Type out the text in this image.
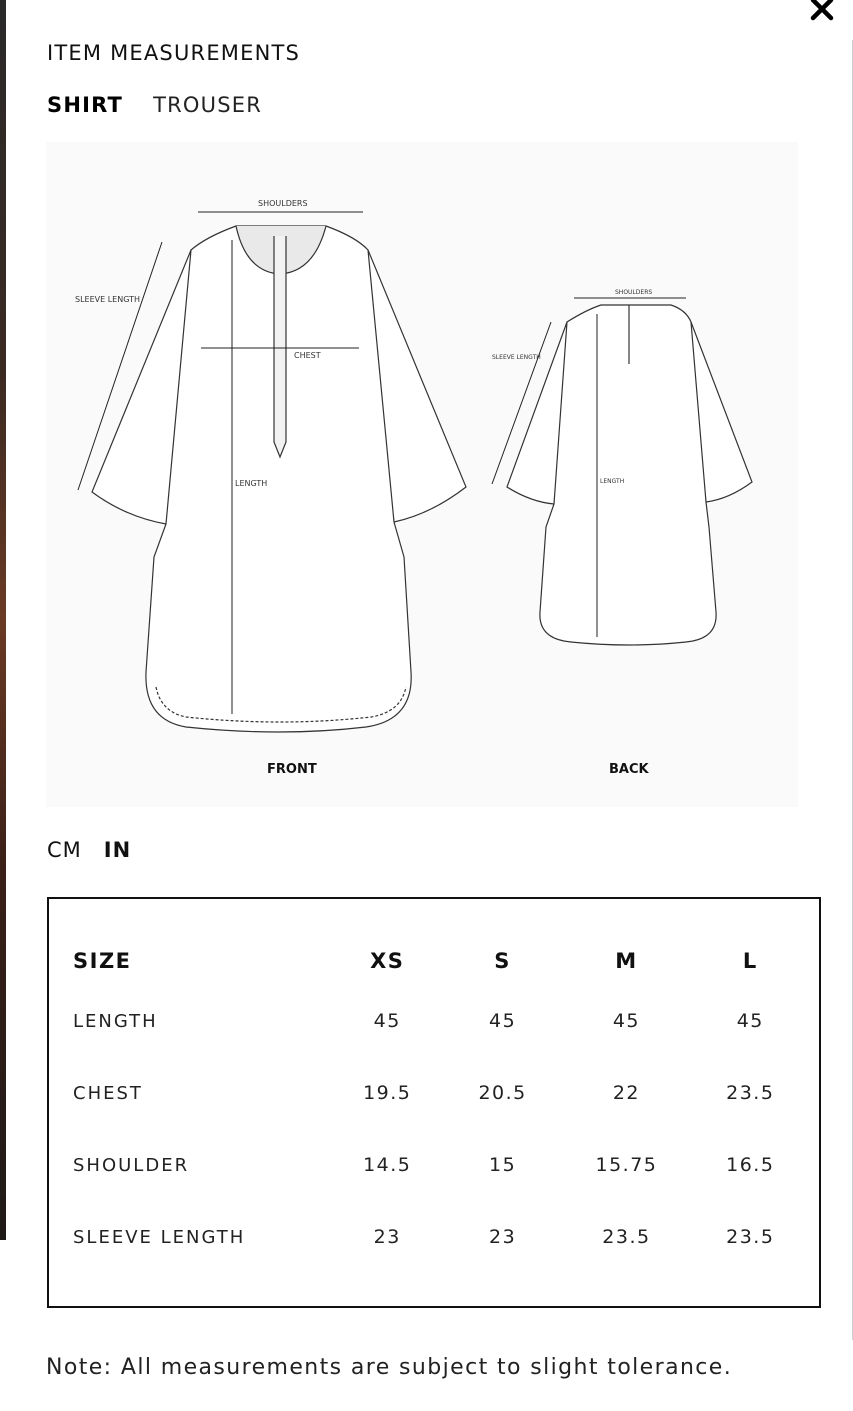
ITEM MEASUREMENTS
SHIRT TROUSER
SHOULDERS
CHEST
SLEEVE LENGTH
LENGTH
FRONT
SHOULDERS
SLEEVE LENGTH
LENGTH
BACK
CM IN
SIZE	XS	S	M	L
LENGTH	45	45	45	45
CHEST	19.5	20.5	22	23.5
SHOULDER	14.5	15	15.75	16.5
SLEEVE LENGTH	23	23	23.5	23.5
Note: All measurements are subject to slight tolerance.
